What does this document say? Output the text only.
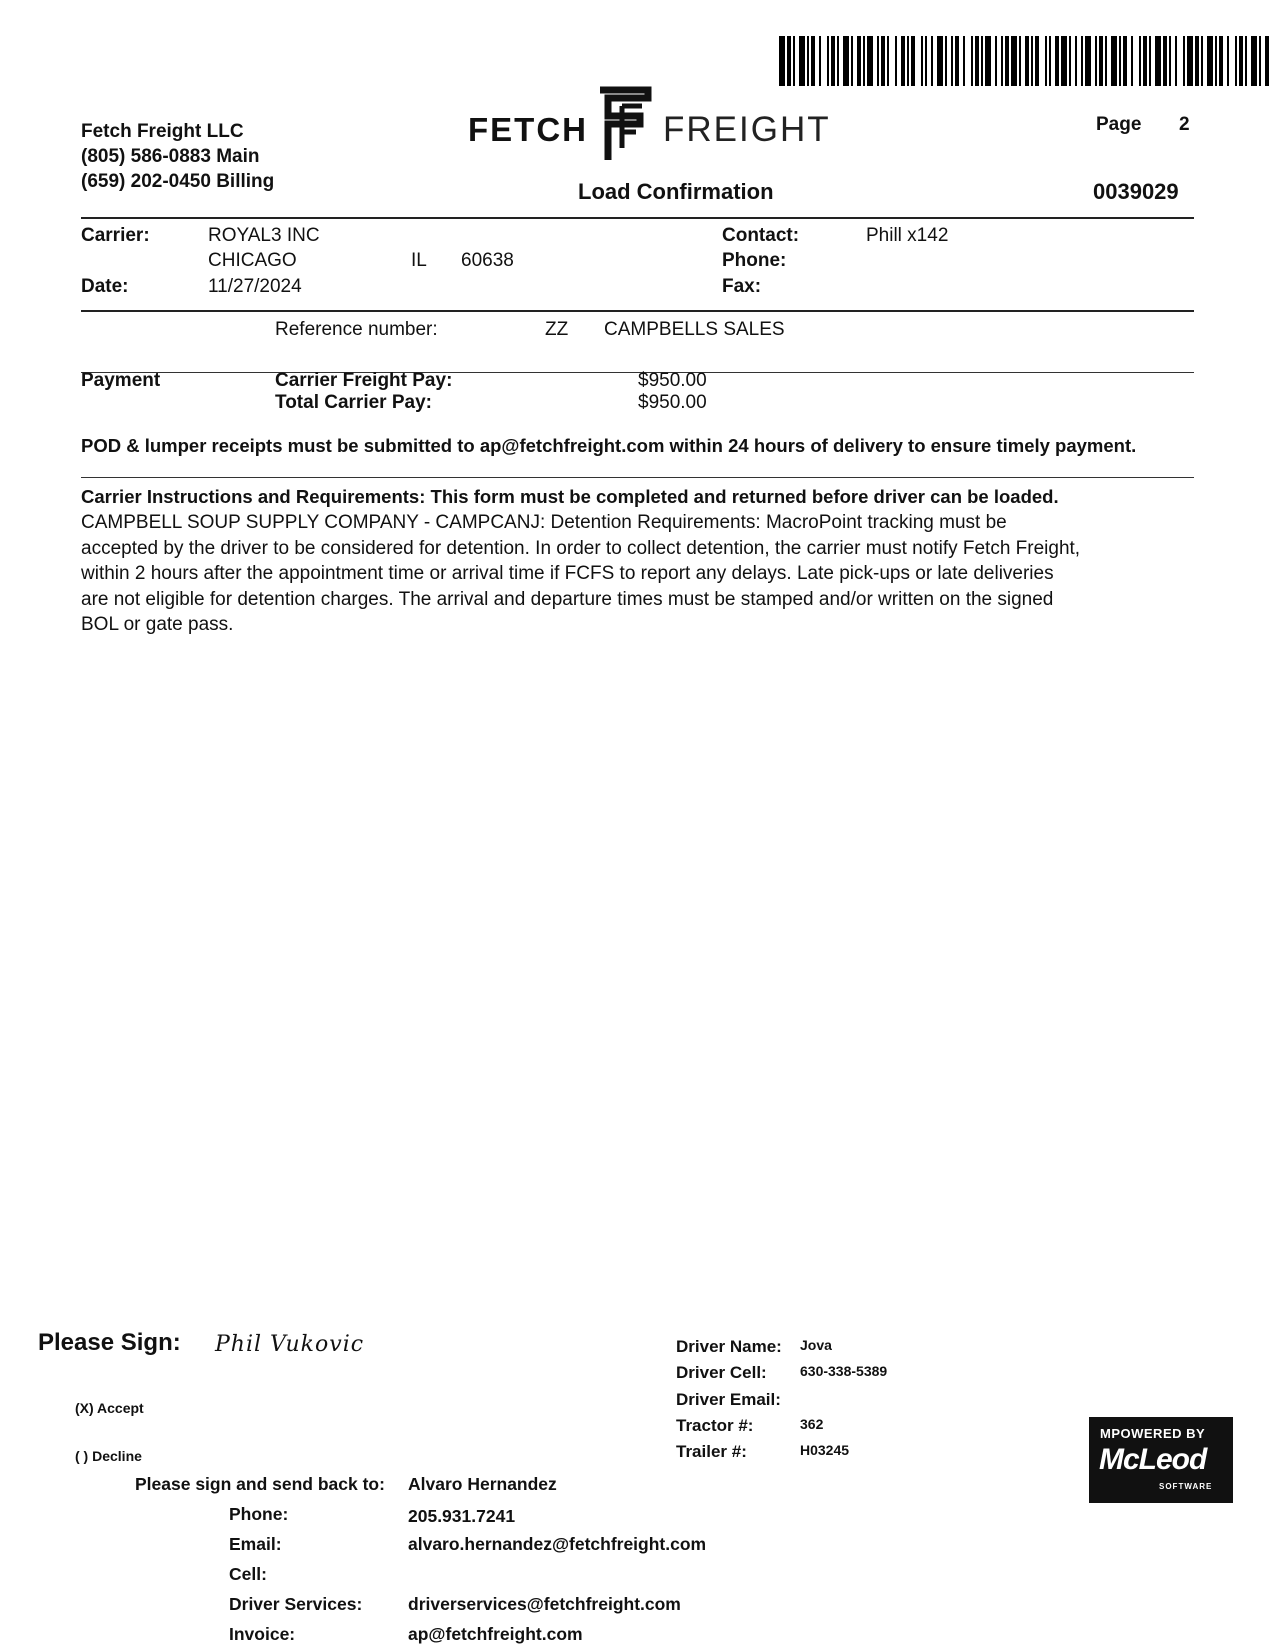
Fetch Freight LLC
(805) 586-0883 Main
(659) 202-0450 Billing
FETCH FREIGHT	Page 2
Load Confirmation	0039029
Carrier:	ROYAL3 INC
CHICAGO	IL 60638
Date:	11/27/2024
Contact:	Phill x142
Phone:
Fax:
Reference number:	ZZ CAMPBELLS SALES
Payment	Carrier Freight Pay:	$950.00
Total Carrier Pay:	$950.00
POD & lumper receipts must be submitted to ap@fetchfreight.com within 24 hours of delivery to ensure timely payment.
Carrier Instructions and Requirements: This form must be completed and returned before driver can be loaded.
CAMPBELL SOUP SUPPLY COMPANY - CAMPCANJ: Detention Requirements: MacroPoint tracking must be accepted by the driver to be considered for detention. In order to collect detention, the carrier must notify Fetch Freight, within 2 hours after the appointment time or arrival time if FCFS to report any delays. Late pick-ups or late deliveries are not eligible for detention charges. The arrival and departure times must be stamped and/or written on the signed BOL or gate pass.
Please Sign: Phil Vukovic
(X) Accept
( ) Decline
Please sign and send back to: Alvaro Hernandez
Driver Name: Jova
Driver Cell: 630-338-5389
Driver Email:
Tractor #:	362
Trailer #:	H03245
MPOWERED BY
McLeod
SOFTWARE
Phone:	205.931.7241
Email:	alvaro.hernandez@fetchfreight.com
Cell:
Driver Services:	driverservices@fetchfreight.com
Invoice:	ap@fetchfreight.com
